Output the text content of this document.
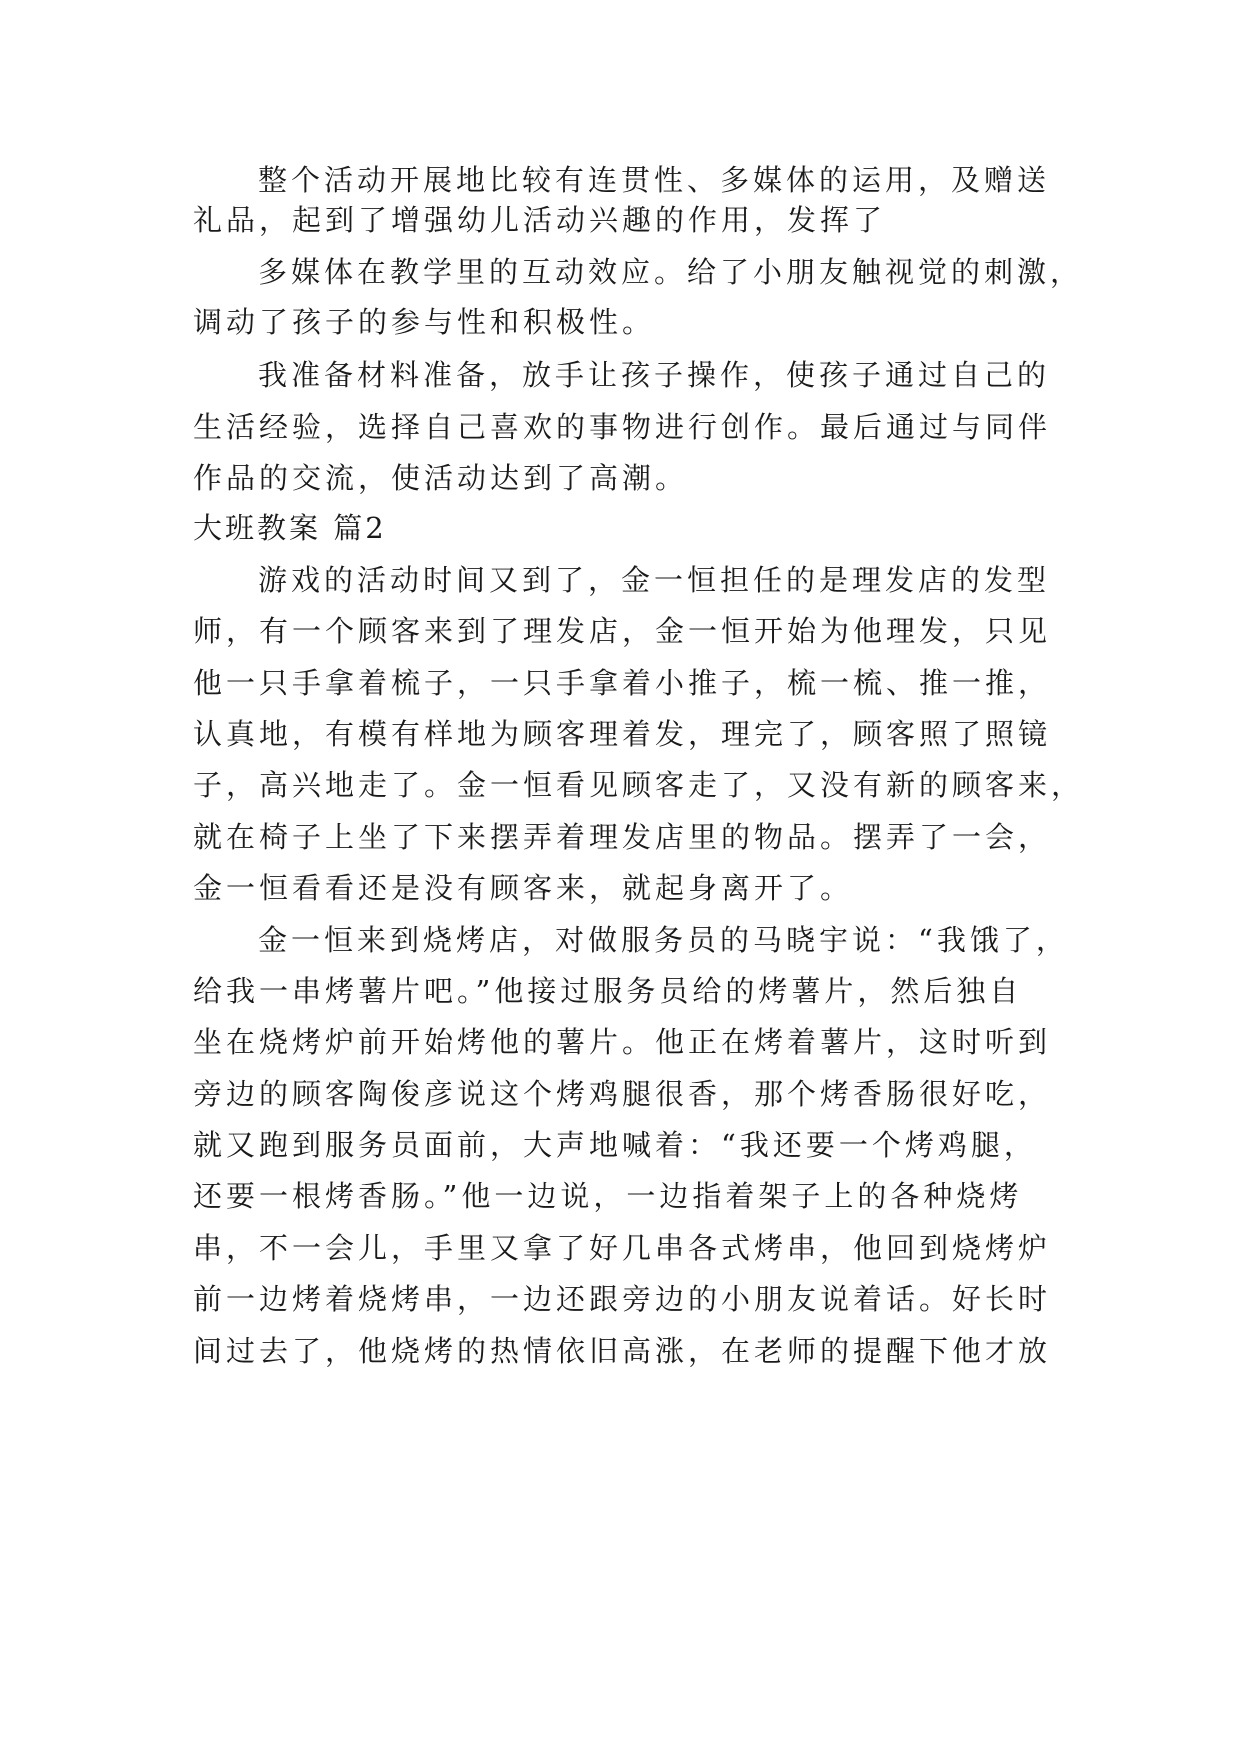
整个活动开展地比较有连贯性、多媒体的运用，及赠送

礼品，起到了增强幼儿活动兴趣的作用，发挥了

多媒体在教学里的互动效应。给了小朋友触视觉的刺激，

调动了孩子的参与性和积极性。

我准备材料准备，放手让孩子操作，使孩子通过自己的

生活经验，选择自己喜欢的事物进行创作。最后通过与同伴

作品的交流，使活动达到了高潮。

大班教案 篇2

游戏的活动时间又到了，金一恒担任的是理发店的发型

师，有一个顾客来到了理发店，金一恒开始为他理发，只见

他一只手拿着梳子，一只手拿着小推子，梳一梳、推一推，

认真地，有模有样地为顾客理着发，理完了，顾客照了照镜

子，高兴地走了。金一恒看见顾客走了，又没有新的顾客来，

就在椅子上坐了下来摆弄着理发店里的物品。摆弄了一会，

金一恒看看还是没有顾客来，就起身离开了。

金一恒来到烧烤店，对做服务员的马晓宇说：“我饿了，

给我一串烤薯片吧。”他接过服务员给的烤薯片，然后独自

坐在烧烤炉前开始烤他的薯片。他正在烤着薯片，这时听到

旁边的顾客陶俊彦说这个烤鸡腿很香，那个烤香肠很好吃，

就又跑到服务员面前，大声地喊着：“我还要一个烤鸡腿，

还要一根烤香肠。”他一边说，一边指着架子上的各种烧烤

串，不一会儿，手里又拿了好几串各式烤串，他回到烧烤炉

前一边烤着烧烤串，一边还跟旁边的小朋友说着话。好长时

间过去了，他烧烤的热情依旧高涨，在老师的提醒下他才放
